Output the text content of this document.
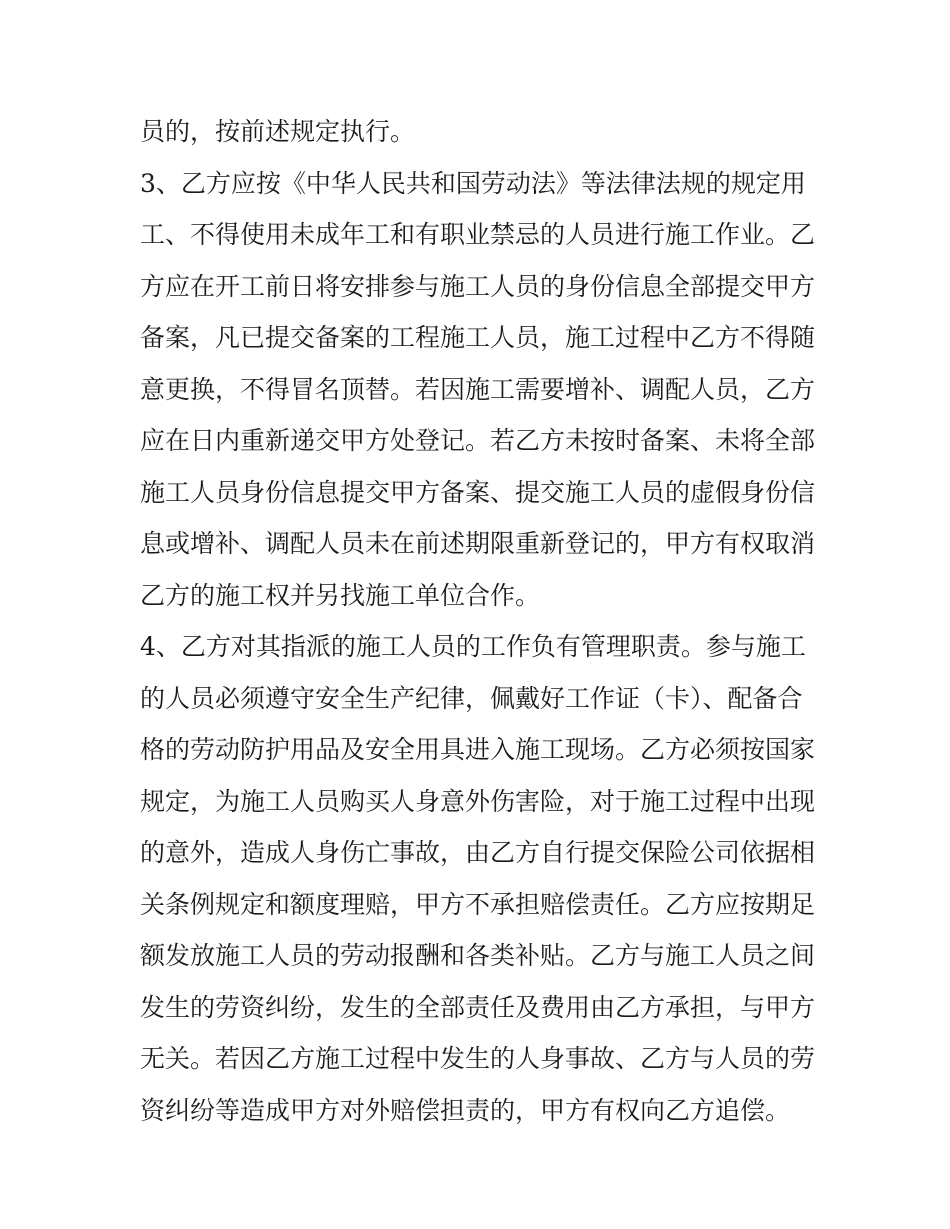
员的，按前述规定执行。
3、乙方应按《中华人民共和国劳动法》等法律法规的规定用
工、不得使用未成年工和有职业禁忌的人员进行施工作业。乙
方应在开工前日将安排参与施工人员的身份信息全部提交甲方
备案，凡已提交备案的工程施工人员，施工过程中乙方不得随
意更换，不得冒名顶替。若因施工需要增补、调配人员，乙方
应在日内重新递交甲方处登记。若乙方未按时备案、未将全部
施工人员身份信息提交甲方备案、提交施工人员的虚假身份信
息或增补、调配人员未在前述期限重新登记的，甲方有权取消
乙方的施工权并另找施工单位合作。
4、乙方对其指派的施工人员的工作负有管理职责。参与施工
的人员必须遵守安全生产纪律，佩戴好工作证（卡）、配备合
格的劳动防护用品及安全用具进入施工现场。乙方必须按国家
规定，为施工人员购买人身意外伤害险，对于施工过程中出现
的意外，造成人身伤亡事故，由乙方自行提交保险公司依据相
关条例规定和额度理赔，甲方不承担赔偿责任。乙方应按期足
额发放施工人员的劳动报酬和各类补贴。乙方与施工人员之间
发生的劳资纠纷，发生的全部责任及费用由乙方承担，与甲方
无关。若因乙方施工过程中发生的人身事故、乙方与人员的劳
资纠纷等造成甲方对外赔偿担责的，甲方有权向乙方追偿。
